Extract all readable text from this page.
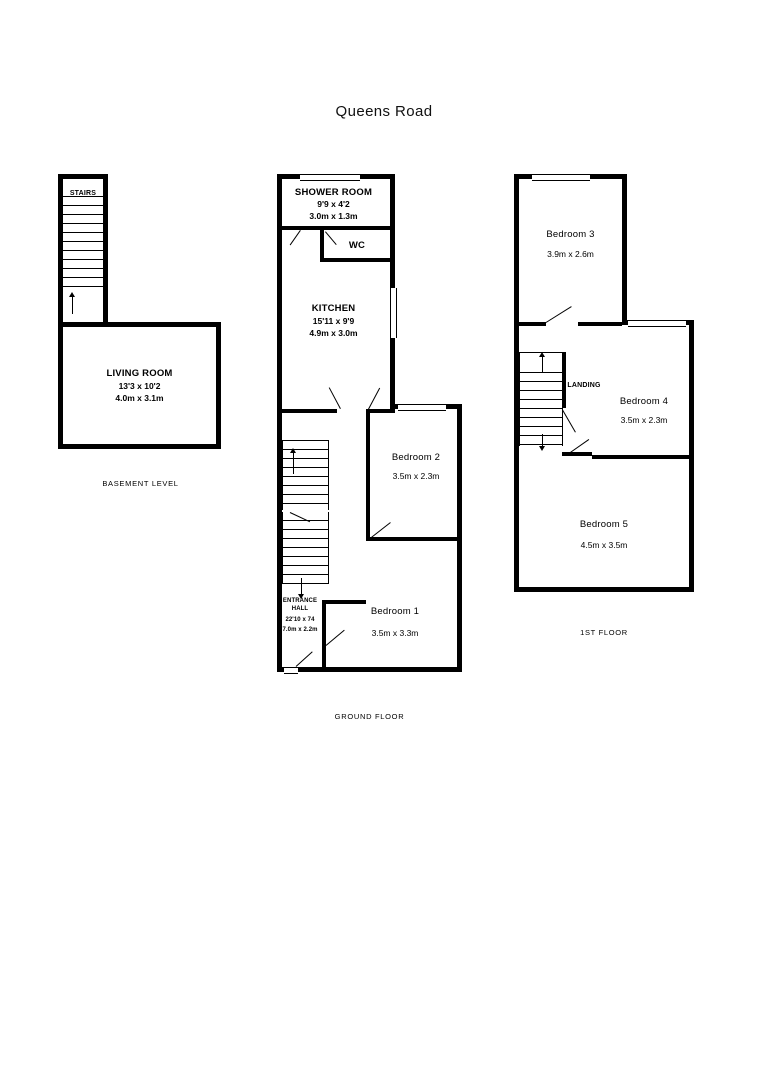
Queens Road
STAIRS
LIVING ROOM
13'3 x 10'2
4.0m x 3.1m
BASEMENT LEVEL
SHOWER ROOM
9'9 x 4'2
3.0m x 1.3m
WC
KITCHEN
15'11 x 9'9
4.9m x 3.0m
Bedroom 2
3.5m x 2.3m
Bedroom 1
3.5m x 3.3m
ENTRANCE
HALL
22'10 x 74
7.0m x 2.2m
GROUND FLOOR
Bedroom 3
3.9m x 2.6m
LANDING
Bedroom 4
3.5m x 2.3m
Bedroom 5
4.5m x 3.5m
1ST FLOOR
